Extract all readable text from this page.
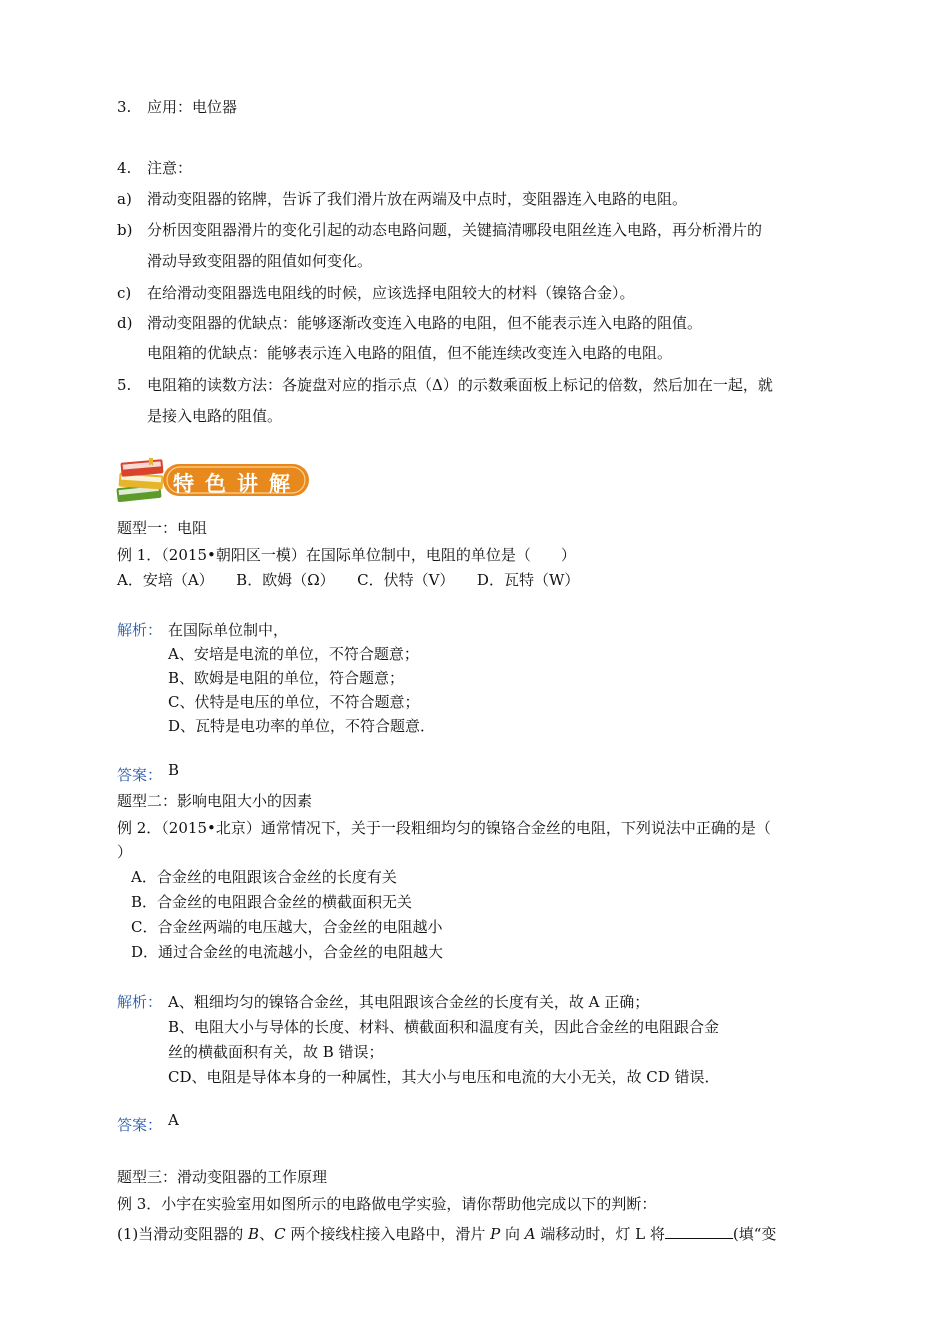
3. 应用：电位器
4. 注意：
a) 滑动变阻器的铭牌，告诉了我们滑片放在两端及中点时，变阻器连入电路的电阻。
b) 分析因变阻器滑片的变化引起的动态电路问题，关键搞清哪段电阻丝连入电路，再分析滑片的
滑动导致变阻器的阻值如何变化。
c) 在给滑动变阻器选电阻线的时候，应该选择电阻较大的材料（镍铬合金）。
d) 滑动变阻器的优缺点：能够逐渐改变连入电路的电阻，但不能表示连入电路的阻值。
电阻箱的优缺点：能够表示连入电路的阻值，但不能连续改变连入电路的电阻。
5. 电阻箱的读数方法：各旋盘对应的指示点（Δ）的示数乘面板上标记的倍数，然后加在一起，就
是接入电路的阻值。
特色讲解
题型一：电阻
例 1．（2015•朝阳区一模）在国际单位制中，电阻的单位是（　　）
A．安培（A）　　B．欧姆（Ω）　　C．伏特（V）　　D．瓦特（W）
解析： 在国际单位制中，
A、安培是电流的单位，不符合题意；
B、欧姆是电阻的单位，符合题意；
C、伏特是电压的单位，不符合题意；
D、瓦特是电功率的单位，不符合题意．
答案： B
题型二：影响电阻大小的因素
例 2．（2015•北京）通常情况下，关于一段粗细均匀的镍铬合金丝的电阻，下列说法中正确的是（
）
A．合金丝的电阻跟该合金丝的长度有关
B．合金丝的电阻跟合金丝的横截面积无关
C．合金丝两端的电压越大，合金丝的电阻越小
D．通过合金丝的电流越小，合金丝的电阻越大
解析： A、粗细均匀的镍铬合金丝，其电阻跟该合金丝的长度有关，故 A 正确；
B、电阻大小与导体的长度、材料、横截面积和温度有关，因此合金丝的电阻跟合金
丝的横截面积有关，故 B 错误；
CD、电阻是导体本身的一种属性，其大小与电压和电流的大小无关，故 CD 错误．
答案： A
题型三：滑动变阻器的工作原理
例 3．小宇在实验室用如图所示的电路做电学实验，请你帮助他完成以下的判断：
(1)当滑动变阻器的 B、C 两个接线柱接入电路中，滑片 P 向 A 端移动时，灯 L 将	(填“变
